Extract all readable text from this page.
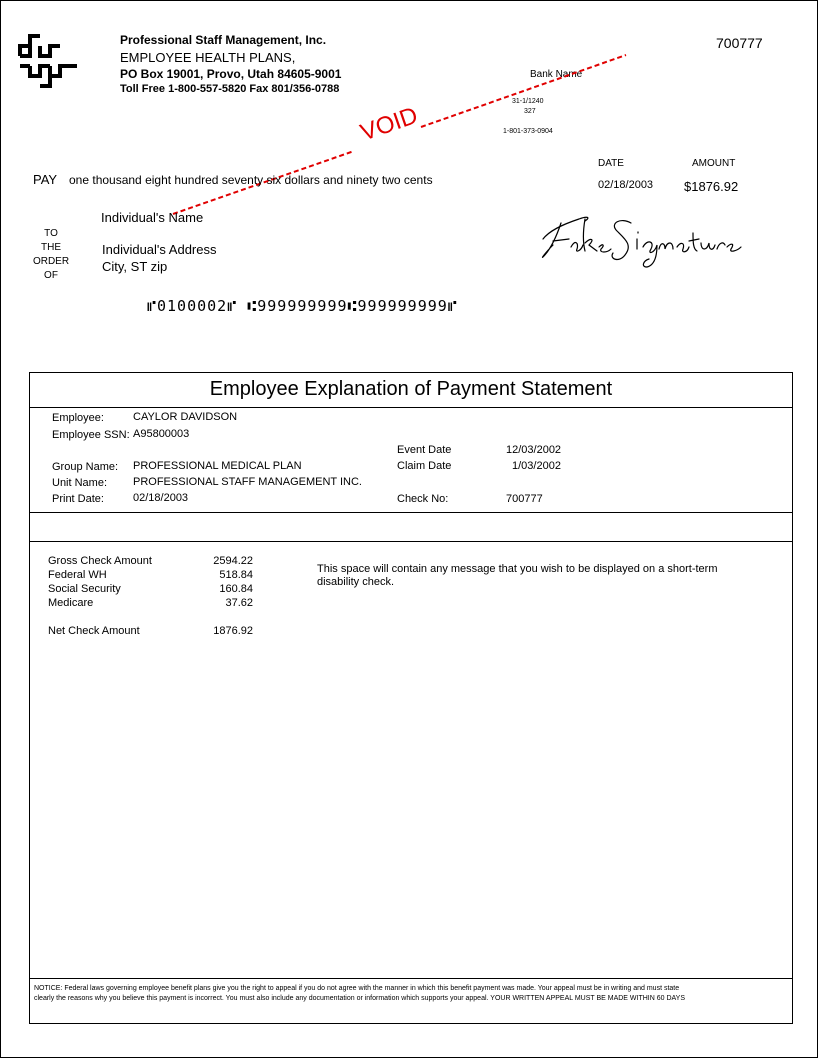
Professional Staff Management, Inc.
EMPLOYEE HEALTH PLANS,
PO Box 19001, Provo, Utah 84605-9001
Toll Free 1-800-557-5820 Fax 801/356-0788
700777
Bank Name
31-1/1240
327
1-801-373-0904
VOID
DATE	AMOUNT
02/18/2003 $1876.92
PAY one thousand eight hundred seventy six dollars and ninety two cents
TO
THE
ORDER
OF
Individual's Name
Individual's Address
City, ST zip
⑈0100002⑈ ⑆999999999⑆999999999⑈
Employee Explanation of Payment Statement
Employee:	CAYLOR DAVIDSON
Employee SSN: A95800003
Event Date	12/03/2002
Group Name: PROFESSIONAL MEDICAL PLAN	Claim Date	1/03/2002
Unit Name: PROFESSIONAL STAFF MANAGEMENT INC.
Print Date:	02/18/2003	Check No:	700777
Gross Check Amount	2594.22
Federal WH	518.84
Social Security	160.84
Medicare	37.62
Net Check Amount	1876.92
This space will contain any message that you wish to be displayed on a short-term
disability check.
NOTICE: Federal laws governing employee benefit plans give you the right to appeal if you do not agree with the manner in which this benefit payment was made. Your appeal must be in writing and must state
clearly the reasons why you believe this payment is incorrect. You must also include any documentation or information which supports your appeal. YOUR WRITTEN APPEAL MUST BE MADE WITHIN 60 DAYS
